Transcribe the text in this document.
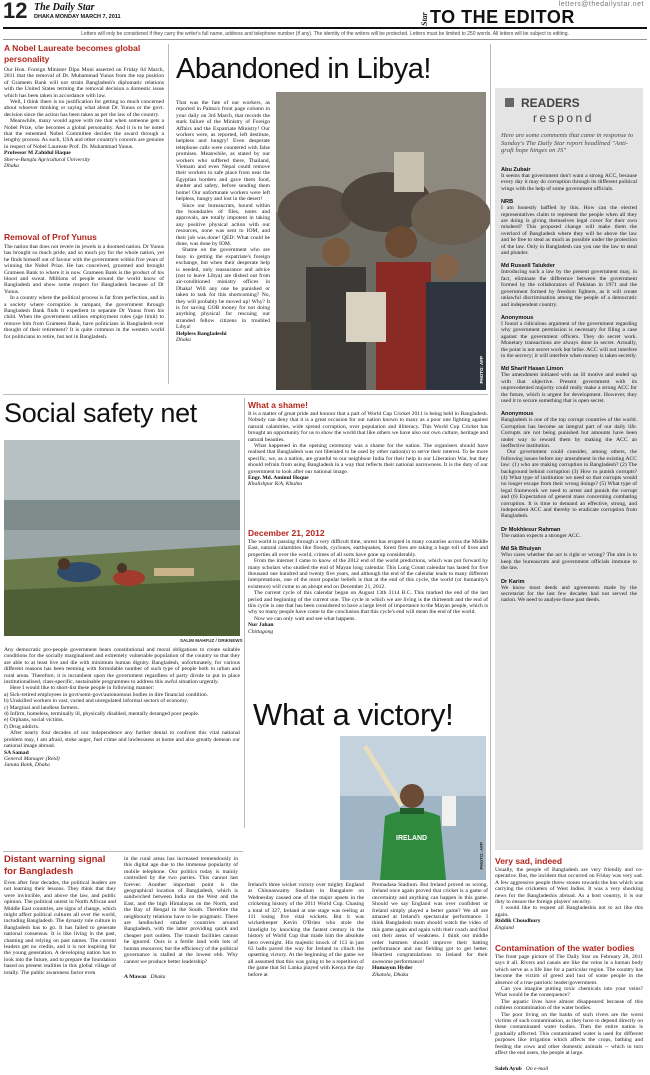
12 The Daily Star
DHAKA MONDAY MARCH 7, 2011
letters@thedailystar.net
Star TO THE EDITOR
Letters will only be considered if they carry the writer's full name, address and telephone number (if any). The identity of the writers will be protected. Letters must be limited to 250 words. All letters will be subject to editing.
A Nobel Laureate becomes global personality

Our Hon. Foreign Minister Dipu Moni asserted on Friday 04 March, 2011 that the removal of Dr. Muhammad Yunus from the top position of Grameen Bank will not strain Bangladesh's diplomatic relations with the United States terming the removal decision a domestic issue which has been taken in accordance with law.

Well, I think there is no justification for getting so much concerned about whoever thinking or saying what about Dr. Yunus or the govt. decision since the action has been taken as per the law of the country.

Meanwhile, many would agree with me that when someone gets a Nobel Prize, s/he becomes a global personality. And it is to be noted that the esteemed Nobel Committee decides the award through a lengthy process. As such, USA and other country's concern are genuine in respect of Nobel Laureate Prof. Dr. Muhammad Yunus.

Professor M Zahidul Haque
Sher-e-Bangla Agricultural University
Dhaka
Removal of Prof Yunus

The nation that does not revere its jewels is a doomed nation. Dr Yunus has brought so much pride, and so much joy for the whole nation, yet he finds himself out of favour with the government within five years of winning the Nobel Prize. He has conceived, groomed and brought Grameen Bank to where it is now. Grameen Bank is the product of his blood and sweat. Millions of people around the world know of Bangladesh and show some respect for Bangladesh because of Dr Yunus.

In a country where the political process is far from perfection, and in a society where corruption is rampant, the government through Bangladesh Bank finds it expedient to separate Dr Yunus from his child. When the government utilises employment rules (age limit) to remove him from Grameen Bank, have politicians in Bangladesh ever thought of their retirement? It is quite common in the western world for politicians to retire, but not in Bangladesh.

Abandoned in Libya!

That was the fate of our workers, as reported in Palma's front page column in your daily on 3rd March, that records the stark failure of the Ministry of Foreign Affairs and the Expatriate Ministry! Our workers were, as reported, left destitute, helpless and hungry! Even desperate telephone calls were countered with false promises. Meanwhile, as stated by our workers who suffered there, Thailand, Vietnam and even Nepal could remove their workers to safe place from near the Egyptian borders and gave them food, shelter and safety, before sending them home! Our unfortunate workers were left helpless, hungry and lost in the desert!

Since our bureaucrats, bound within the boundaries of files, notes and approvals, are totally impotent in taking any positive physical action with our resources, none was sent to IOM, and their job was done! QED: What could be done, was done by IOM.

Shame on the government who are busy in getting the expatriate's foreign exchange, but when their desperate help is needed, only reassurance and advice (not to leave Libya) are dished out from air-conditioned ministry offices in Dhaka! Will any one be punished or taken to task for this shortcoming? No, they will probably be moved up! Why? It is for saving GOB money for not doing anything physical for rescuing our stranded fellow citizens in troubled Libya!

Helpless Bangladeshi
Dhaka
PHOTO: AFP
READERS
respond
Here are some comments that came in response to Sunday's The Daily Star report headlined "Anti-graft hope hinges on JS"
Abu Zubair

It seems that government don't want a strong ACC, because every day it may do corruption through its different political wings with the help of some government officials.

NRB

I am honestly baffled by this. How can the elected representatives claim to represent the people when all they are doing is giving themselves legal cover for their own misdeed? This proposed change will make them the overlord of Bangladesh where they will be above the law and be free to steal as much as possible under the protection of the law. Only in Bangladesh can you use the law to steal and plunder.

Md Russell Talukder

Introducing such a law by the present government may, in fact, eliminate the difference between the government formed by the collaborators of Pakistan in 1971 and the government formed by freedom fighters, as it will create unlawful discrimination among the people of a democratic and independent country.

Anonymous

I found a ridiculous argument of the government regarding why government permission is necessary for filing a case against the government officers. They do secret work. Monetary transactions are always done in secret. Actually, the point is not secret work but bribe. ACC will not interfere in the secrecy; it will interfere when money is taken secretly.

Md Sharif Hasan Limon

The amendment initiated with an ill motive and ended up with that objective. Present government with its unprecedented majority could really make a strong ACC for the future, which is urgent for development. However, they used it to secure something that is open secret.

Anonymous

Bangladesh is one of the top corrupt countries of the world. Corruption has become an integral part of our daily life. Corrupts are not being punished but amounts have been under way to reward them by making the ACC an ineffective institution.

Our government could consider, among others, the following issues before any amendment in the existing ACC law: (1) who are making corruption in Bangladesh? (2) The background behind corruption (3) How to punish corrupts? (4) What type of institution we need so that corrupts would no longer escape from their wrong doings? (5) What type of legal framework we need to arrest and punish the corrupt and (6) Expectation of general mass concerning combating corruption. It is time to demand an effective, strong, and independent ACC and thereby to eradicate corruption from Bangladesh.

Dr Mokhlesur Rahman

The nation expects a stronger ACC.

Md Sk Bhuiyan

Who cares whether the act is right or wrong? The aim is to keep the bureaucrats and government officials immune to the law.

Dr Karim

We know most deeds and agreements made by the secretariat for the last few decades had not served the nation. We need to analyse those past deeds.

Social safety net
SALIM MAHFUZ / DRIKNEWS

Any democratic pro-people government bears constitutional and moral obligations to create suitable conditions for the socially marginalised and extremely vulnerable population of the country so that they are able to at least live and die with minimum human dignity. Bangladesh, unfortunately, for various different reasons has been teeming with formidable number of such type of people both in urban and rural areas. Therefore, it is incumbent upon the government regardless of party divide to put in place institutionalised, class-specific, sustainable programmes to address this awful situation urgently.

Here I would like to short-list these people in following manner:

a) Sick-retired employees in govt/semi-govt/autonomous bodies in dire financial condition.
b) Unskilled workers in vast, varied and unregulated informal sectors of economy.
c) Marginal and landless farmers.
d) Infirm, homeless, terminally ill, physically disabled, mentally deranged poor people.
e) Orphans, social victims.
f) Drug addicts.

After nearly four decades of our independence any further denial to confront this vital national problem may, I am afraid, stoke anger, fuel crime and lawlessness at home and also greatly demean our national image abroad.

SA Samad
General Manager (Retd)
Janata Bank, Dhaka
What a shame!

It is a matter of great pride and honour that a part of World Cup Cricket 2011 is being held in Bangladesh. Nobody can deny that it is a great occasion for our nation known to many as a poor one fighting against natural calamities, wide spread corruption, over population and illiteracy. This World Cup Cricket has brought an opportunity for us to show the world that like others we have also our own culture, heritage and natural beauties.

What happened in the opening ceremony was a shame for the nation. The organisers should have realised that Bangladesh was not liberated to be used by other nation(s) to serve their interest. To be more specific, we, as a nation, are grateful to our neighbour India for their help in our Liberation War, but they should refrain from using Bangladesh in a way that reflects their national narrowness. It is the duty of our government to look after our national image.

Engr. Md. Aminul Hoque
Khalishpur R/A, Khulna
December 21, 2012

The world is passing through a very difficult time, unrest has erupted in many countries across the Middle East, natural calamities like floods, cyclones, earthquakes, forest fires are taking a huge toll of lives and properties all over the world, crimes of all sorts have gone up considerably.

From the internet I came to know of the 2012 end of the world predictions, which was put forward by many scholars who studied the end of Mayan long calendar. This Long Count calendar has lasted for five thousand one hundred and twenty five years, and although the end of the calendar leads to many different interpretations, one of the most popular beliefs is that at the end of this cycle, the world (or humanity's existence) will come to an abrupt end on December 21, 2012.

The current cycle of this calendar began on August 13th 3114 B.C. This marked the end of the last period and beginning of the current one. The cycle in which we are living is the thirteenth and the end of this cycle is one that has been considered to have a large level of importance to the Mayan people, which is why so many people have come to the conclusion that this cycle's end will mean the end of the world.

Now we can only wait and see what happens.

Nur Jahan
Chittagong
What a victory!
IRELAND
PHOTO: AFP
Ireland's three wicket victory over mighty England at Chinnaswamy Stadium in Bangalore on Wednesday caused one of the major upsets in the cricketing history of the 2011 World Cup. Chasing a total of 327, Ireland at one stage was reeling at 111 losing five vital wickets. But it was wicketkeeper Kevin O'Brien who stole the limelight by knocking the fastest century in the history of World Cup that made him the absolute hero overnight. His majestic knock of 113 in just 63 balls paved the way for Ireland to clinch the upsetting victory. At the beginning of the game we all assumed that this was going to be a repetition of the game that Sri Lanka played with Kenya the day before at
Premadasa Stadium. But Ireland proved us wrong. Ireland once again proved that cricket is a game of uncertainty and anything can happen in this game. Should we say England was over confident or Ireland simply played a better game? We all are amazed at Ireland's spectacular performance. I think Bangladesh team should watch the video of this game again and again with their coach and find out their areas of weakness. I think our middle order batsmen should improve their batting performance and our fielding got to get better. Heartiest congratulations to Ireland for their awesome performance!
Humayun Hyder
Zikatola, Dhaka
Distant warning signal for Bangladesh
Even after four decades, the political leaders are not learning their lessons. They think that they were invincible, and above the law, and public opinion. The political unrest in North African and Middle East countries, are signs of change, which might affect political cultures all over the world, including Bangladesh. The dynasty rule culture in Bangladesh has to go. It has failed to generate national consensus. It is like living in the past, chanting and relying on past names. The current leaders get no credits, and it is not inspiring for the young generation. A developing nation has to look into the future, and to prepare the foundation based on present realities in this global village of totally. The public awareness factor even
in the rural areas has increased tremendously in this digital age due to the immense popularity of mobile telephone. Our politics today is mainly controlled by the two parties. This cannot last forever. Another important point is the geographical location of Bangladesh, which is sandwiched between India on the West and the East, and the high Himalayas on the North, and the Bay of Bengal in the South. Therefore the neighbourly relations have to be pragmatic. There are landlocked smaller countries around Bangladesh, with the latter providing quick and cheaper port outlets. The transit facilities cannot be ignored. Ours is a fertile land with lots of human resources; but the efficiency of the political governance is stalled at the lowest ebb. Why cannot we produce better leadership?
A Mawaz Dhaka
Very sad, indeed

Usually, the people of Bangladesh are very friendly and co-operative. But, the incident that occurred on Friday was very sad. A few aggressive people threw stones towards the bus which was carrying the cricketers of West Indies. It was a very shocking news for the Bangladeshis abroad. As a host country, it is our duty to ensure the foreign players' security.

I would like to request all Bangladeshis not to act like this again.

Riddik Choudhury
England
Contamination of the water bodies

The front page picture of The Daily Star on February 28, 2011 says it all. Rivers and canals are like the veins in a human body which serve as a life line for a particular region. The country has become the victim of greed and lust of some people in the absence of a true patriotic leader/government.

Can you imagine putting toxic chemicals into your veins? What would be the consequence?

The aquatic lives have almost disappeared because of this ruthless contamination of the water bodies.

The poor living on the banks of such rivers are the worst victims of such contamination, as they have to depend directly on these contaminated water bodies. Then the entire nation is gradually affected. This contaminated water is used for different purposes like irrigation which affects the crops, bathing and feeding the cows and other domestic animals -- which in turn affect the end users, the people at large.

Saleh Ayub On e-mail
